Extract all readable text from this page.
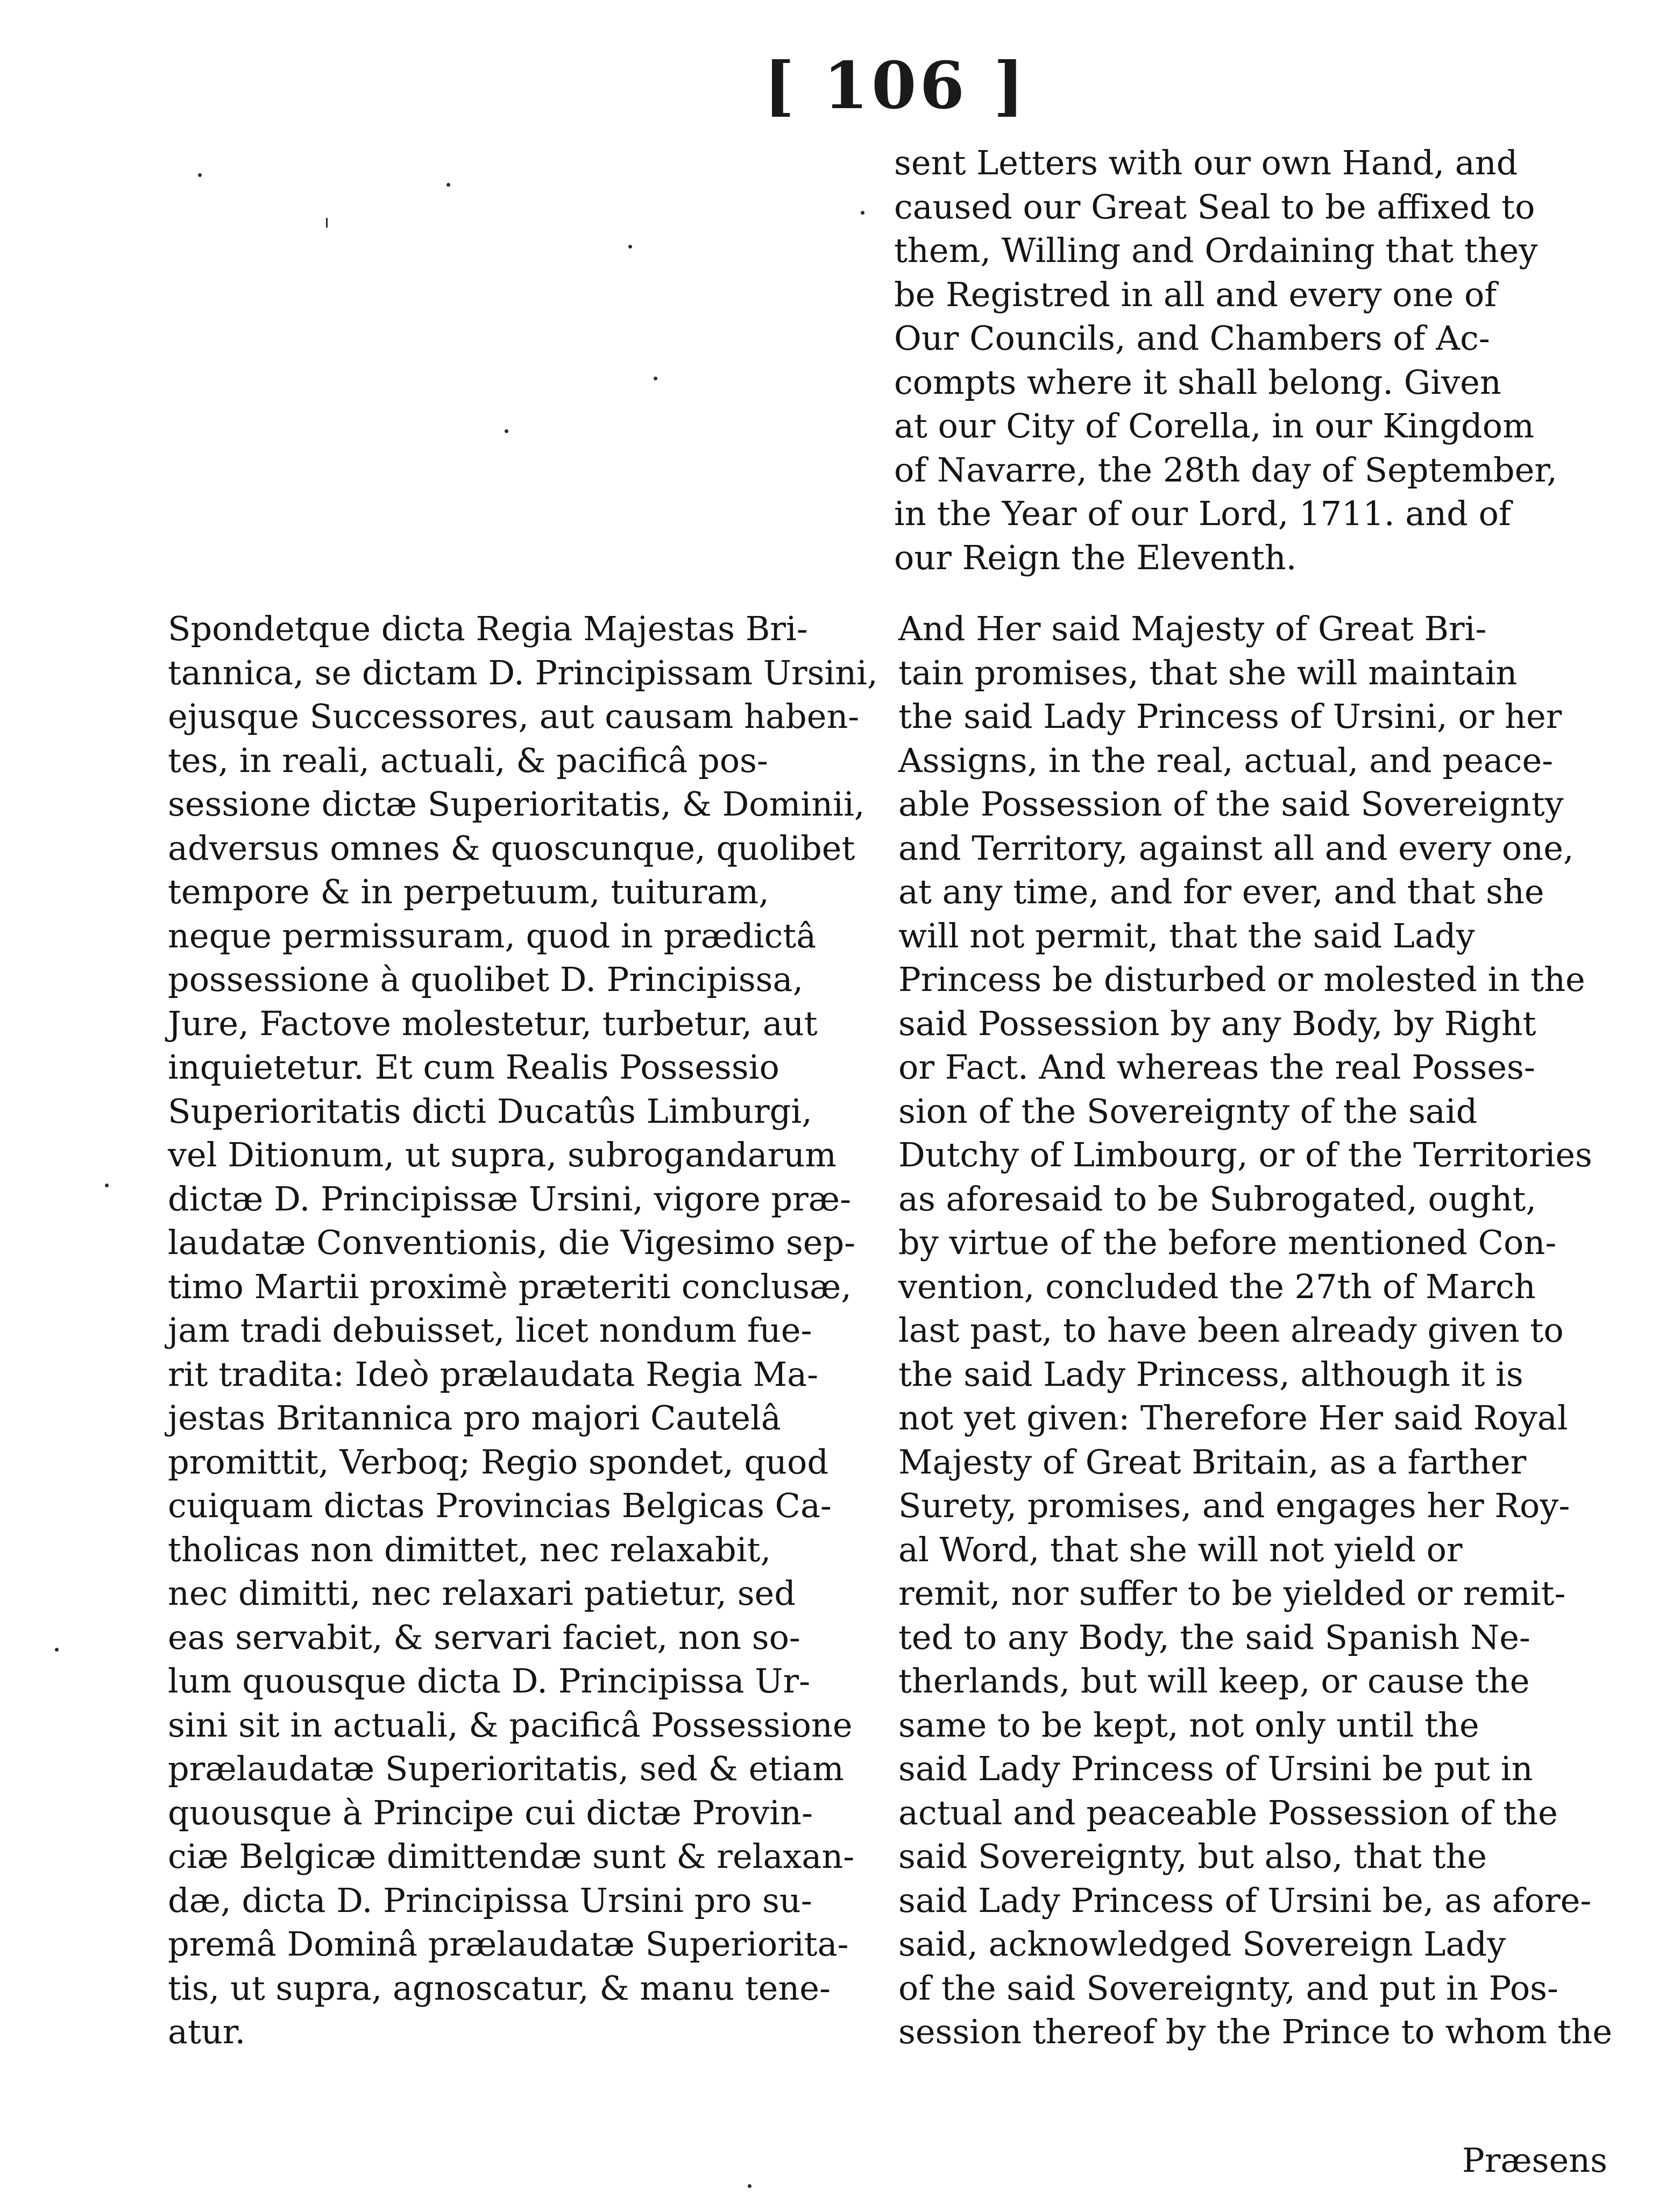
[ 106 ]

sent Letters with our own Hand, and

caused our Great Seal to be affixed to

them, Willing and Ordaining that they

be Registred in all and every one of

Our Councils, and Chambers of Ac-

compts where it shall belong. Given

at our City of Corella, in our Kingdom

of Navarre, the 28th day of September,

in the Year of our Lord, 1711. and of

our Reign the Eleventh.

Spondetque dicta Regia Majestas Bri-

tannica, se dictam D. Principissam Ursini,

ejusque Successores, aut causam haben-

tes, in reali, actuali, & pacificâ pos-

sessione dictæ Superioritatis, & Dominii,

adversus omnes & quoscunque, quolibet

tempore & in perpetuum, tuituram,

neque permissuram, quod in prædictâ

possessione à quolibet D. Principissa,

Jure, Factove molestetur, turbetur, aut

inquietetur. Et cum Realis Possessio

Superioritatis dicti Ducatûs Limburgi,

vel Ditionum, ut supra, subrogandarum

dictæ D. Principissæ Ursini, vigore præ-

laudatæ Conventionis, die Vigesimo sep-

timo Martii proximè præteriti conclusæ,

jam tradi debuisset, licet nondum fue-

rit tradita: Ideò prælaudata Regia Ma-

jestas Britannica pro majori Cautelâ

promittit, Verboq; Regio spondet, quod

cuiquam dictas Provincias Belgicas Ca-

tholicas non dimittet, nec relaxabit,

nec dimitti, nec relaxari patietur, sed

eas servabit, & servari faciet, non so-

lum quousque dicta D. Principissa Ur-

sini sit in actuali, & pacificâ Possessione

prælaudatæ Superioritatis, sed & etiam

quousque à Principe cui dictæ Provin-

ciæ Belgicæ dimittendæ sunt & relaxan-

dæ, dicta D. Principissa Ursini pro su-

premâ Dominâ prælaudatæ Superiorita-

tis, ut supra, agnoscatur, & manu tene-

atur.

And Her said Majesty of Great Bri-

tain promises, that she will maintain

the said Lady Princess of Ursini, or her

Assigns, in the real, actual, and peace-

able Possession of the said Sovereignty

and Territory, against all and every one,

at any time, and for ever, and that she

will not permit, that the said Lady

Princess be disturbed or molested in the

said Possession by any Body, by Right

or Fact. And whereas the real Posses-

sion of the Sovereignty of the said

Dutchy of Limbourg, or of the Territories

as aforesaid to be Subrogated, ought,

by virtue of the before mentioned Con-

vention, concluded the 27th of March

last past, to have been already given to

the said Lady Princess, although it is

not yet given: Therefore Her said Royal

Majesty of Great Britain, as a farther

Surety, promises, and engages her Roy-

al Word, that she will not yield or

remit, nor suffer to be yielded or remit-

ted to any Body, the said Spanish Ne-

therlands, but will keep, or cause the

same to be kept, not only until the

said Lady Princess of Ursini be put in

actual and peaceable Possession of the

said Sovereignty, but also, that the

said Lady Princess of Ursini be, as afore-

said, acknowledged Sovereign Lady

of the said Sovereignty, and put in Pos-

session thereof by the Prince to whom the

Præsens
